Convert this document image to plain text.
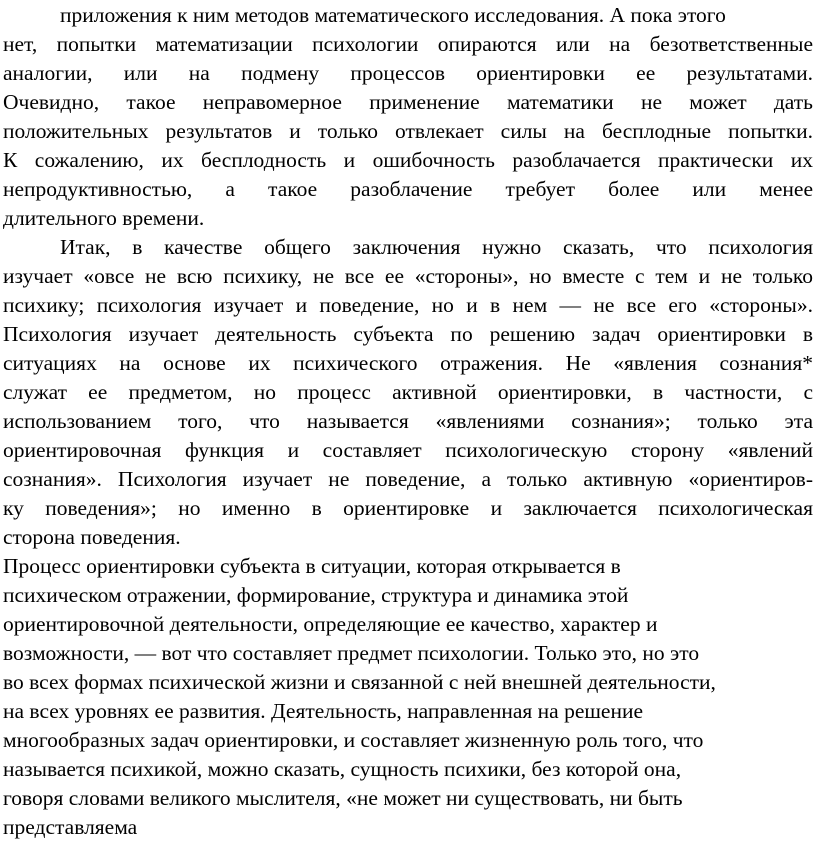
приложения к ним методов математического исследования. А пока этого
нет, попытки математизации психологии опираются или на безответственные
аналогии, или на подмену процессов ориентировки ее результатами.
Очевидно, такое неправомерное применение математики не может дать
положительных результатов и только отвлекает силы на бесплодные попытки.
К сожалению, их бесплодность и ошибочность разоблачается практически их
непродуктивностью, а такое разоблачение требует более или менее
длительного времени.
Итак, в качестве общего заключения нужно сказать, что психология
изучает «овсе не всю психику, не все ее «стороны», но вместе с тем и не только
психику; психология изучает и поведение, но и в нем — не все его «стороны».
Психология изучает деятельность субъекта по решению задач ориентировки в
ситуациях на основе их психического отражения. Не «явления сознания*
служат ее предметом, но процесс активной ориентировки, в частности, с
использованием того, что называется «явлениями сознания»; только эта
ориентировочная функция и составляет психологическую сторону «явлений
сознания». Психология изучает не поведение, а только активную «ориентиров-
ку поведения»; но именно в ориентировке и заключается психологическая
сторона поведения.
Процесс ориентировки субъекта в ситуации, которая открывается в
психическом отражении, формирование, структура и динамика этой
ориентировочной деятельности, определяющие ее качество, характер и
возможности, — вот что составляет предмет психологии. Только это, но это
во всех формах психической жизни и связанной с ней внешней деятельности,
на всех уровнях ее развития. Деятельность, направленная на решение
многообразных задач ориентировки, и составляет жизненную роль того, что
называется психикой, можно сказать, сущность психики, без которой она,
говоря словами великого мыслителя, «не может ни существовать, ни быть
представляема
